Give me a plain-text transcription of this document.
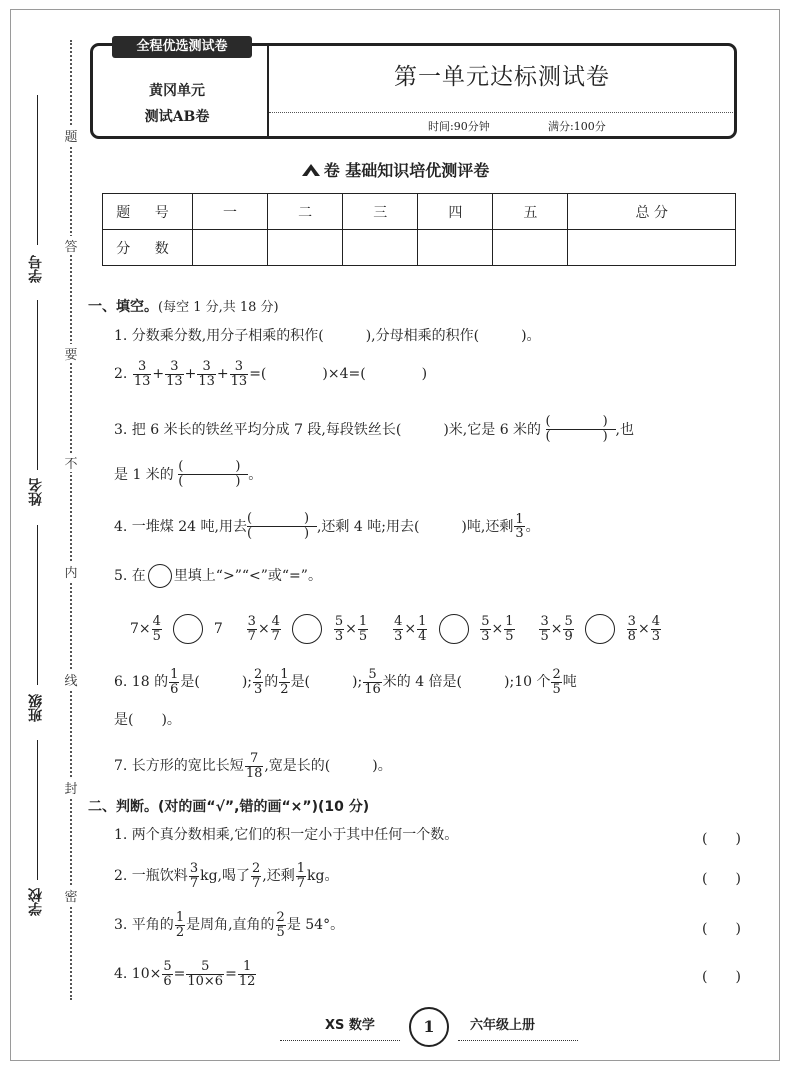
学号
姓名
班级
学校
题
答
要
不
内
线
封
密
全程优选测试卷
黄冈单元
测试AB卷
第一单元达标测试卷
时间:90分钟	满分:100分
卷 基础知识培优测评卷
题 号	一	二	三	四	五	总 分
分 数						
一、填空。(每空 1 分,共 18 分)
1. 分数乘分数,用分子相乘的积作(　　　),分母相乘的积作(　　　)。
2. $\frac{3}{13} + \frac{3}{13} + \frac{3}{13} + \frac{3}{13}$ =(　　　　)×4=(　　　　)
3. 把 6 米长的铁丝平均分成 7 段,每段铁丝长(　　　)米,它是 6 米的
(　　　　)
(　　　　) ,也
是 1 米的
(　　　　)
(　　　　) 。
4. 一堆煤 24 吨,用去
(　　　　)
(　　　　) ,还剩 4 吨;用去(　　　)吨,还剩 $\frac{1}{3}$ 。
5. 在 里填上“>”“<”或“=”。
$7\times \frac{4}{5}$	$7 \frac{3}{7} \times \frac{4}{7}$
	$\frac{5}{3} \times \frac{1}{5}$
$\frac{4}{3} \times \frac{1}{4}$
	$\frac{5}{3} \times \frac{1}{5}$
$\frac{3}{5} \times \frac{5}{9}$
	$\frac{3}{8} \times \frac{4}{3}$
6. 18 的 $\frac{1}{6}$ 是(　　　); $\frac{2}{3}$ 的 $\frac{1}{2}$ 是(　　　); $\frac{5}{16}$ 米的 4 倍是(　　　);10 个 $\frac{2}{5}$ 吨
是(　　)。
7. 长方形的宽比长短 $\frac{7}{18}$ ,宽是长的(　　　)。
二、判断。(对的画“√”,错的画“×”)(10 分)
1. 两个真分数相乘,它们的积一定小于其中任何一个数。	(　　)
2. 一瓶饮料 $\frac{3}{7}$ kg,喝了 $\frac{2}{7}$ ,还剩 $\frac{1}{7}$ kg。	(　　)
3. 平角的 $\frac{1}{2}$ 是周角,直角的 $\frac{2}{5}$ 是 54°。	(　　)
4. $10\times \frac{5}{6} = \frac{5}{10\times 6} = \frac{1}{12}$	(　　)
XS 数学	1	六年级上册
